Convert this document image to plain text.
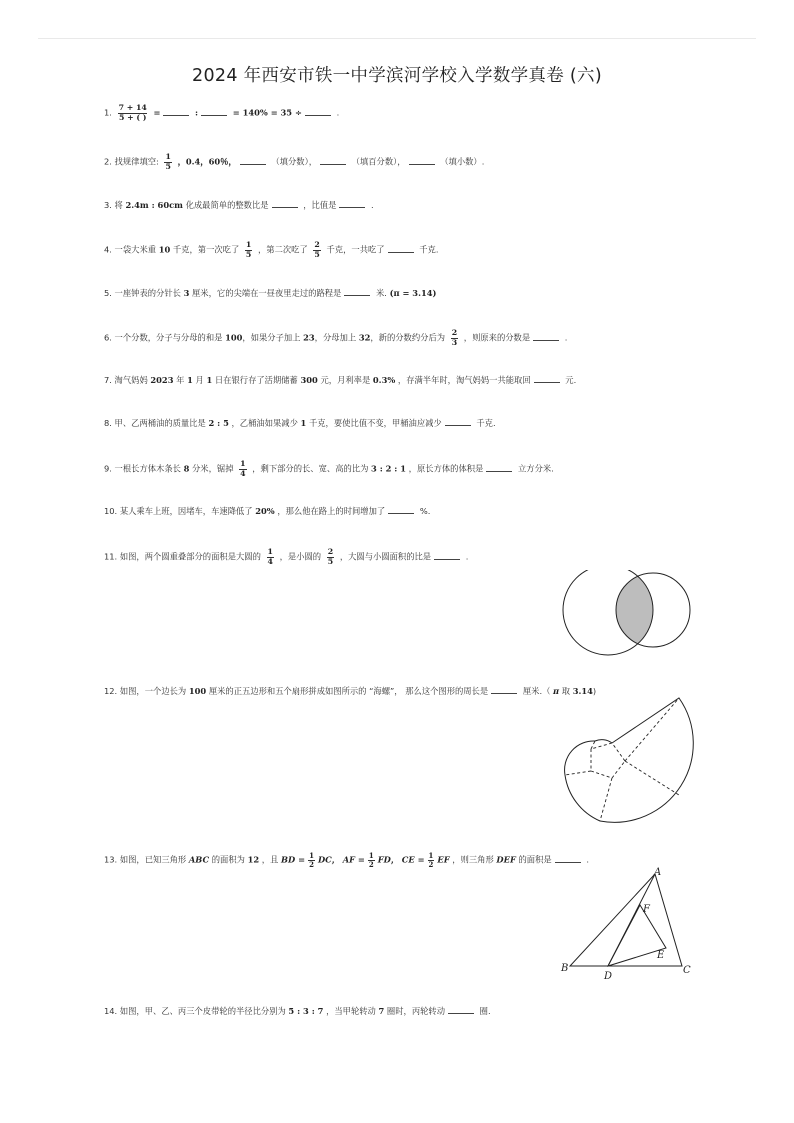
2024 年西安市铁一中学滨河学校入学数学真卷 (六)
1. $\frac{7 + 14}{5 + ( )}$ =	:	= 140% = 35 ÷	.
2. 找规律填空: $\frac{1}{5}$ ，0.4，60％，	（填分数），	（填百分数），	（填小数）.
3. 将 2.4m : 60cm 化成最简单的整数比是	，比值是	.
4. 一袋大米重 10 千克，第一次吃了 $\frac{1}{5}$ ，第二次吃了 $\frac{2}{5}$ 千克，一共吃了	千克.
5. 一座钟表的分针长 3 厘米，它的尖端在一昼夜里走过的路程是	米. (π = 3.14)
6. 一个分数，分子与分母的和是 100，如果分子加上 23，分母加上 32，新的分数约分后为 $\frac{2}{3}$ ，则原来的分数是	.
7. 淘气妈妈 2023 年 1 月 1 日在银行存了活期储蓄 300 元，月利率是 0.3% ，存满半年时，淘气妈妈一共能取回	元.
8. 甲、乙两桶油的质量比是 2 : 5 ，乙桶油如果减少 1 千克，要使比值不变，甲桶油应减少	千克.
9. 一根长方体木条长 8 分米，锯掉 $\frac{1}{4}$ ，剩下部分的长、宽、高的比为 3 : 2 : 1 ，原长方体的体积是	立方分米.
10. 某人乘车上班，因堵车，车速降低了 20% ，那么他在路上的时间增加了	%.
11. 如图，两个圆重叠部分的面积是大圆的 $\frac{1}{4}$ ，是小圆的 $\frac{2}{5}$ ，大圆与小圆面积的比是	.
12. 如图，一个边长为 100 厘米的正五边形和五个扇形拼成如图所示的 “海螺”， 那么这个图形的周长是	厘米.（ π 取 3.14)
13. 如图，已知三角形 ABC 的面积为 12 ，且 BD = $\frac{1}{2}$ DC， AF = $\frac{1}{2}$ FD， CE = $\frac{1}{2}$ EF ，则三角形 DEF 的面积是	.
A
B	C
D
E
F
14. 如图，甲、乙、丙三个皮带轮的半径比分别为 5 : 3 : 7 ，当甲轮转动 7 圈时，丙轮转动	圈.
